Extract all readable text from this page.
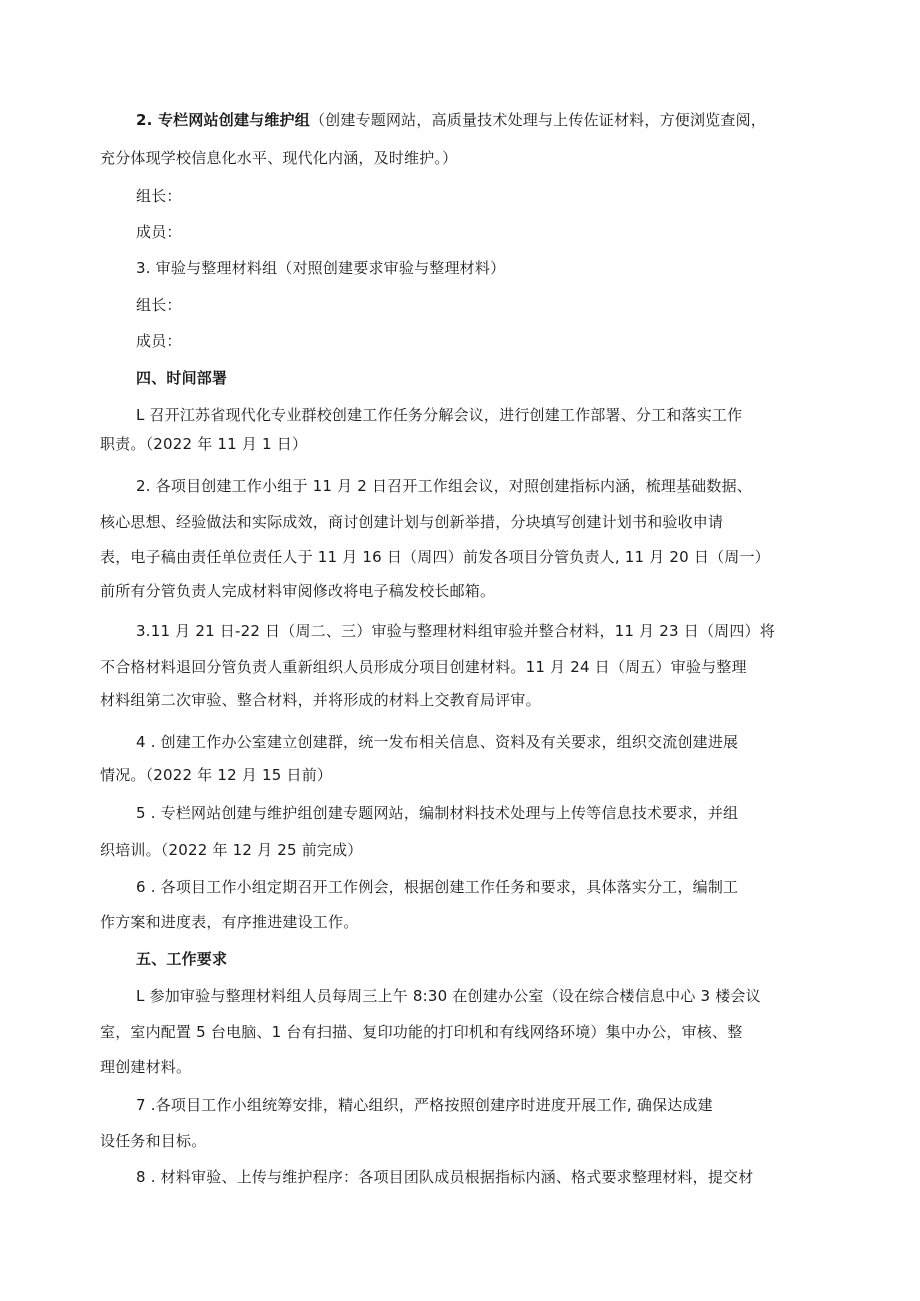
2. 专栏网站创建与维护组（创建专题网站，高质量技术处理与上传佐证材料，方便浏览查阅，
充分体现学校信息化水平、现代化内涵，及时维护。）
组长：
成员：
3. 审验与整理材料组（对照创建要求审验与整理材料）
组长：
成员：
四、时间部署
L 召开江苏省现代化专业群校创建工作任务分解会议，进行创建工作部署、分工和落实工作
职责。（2022 年 11 月 1 日）
2. 各项目创建工作小组于 11 月 2 日召开工作组会议，对照创建指标内涵，梳理基础数据、
核心思想、经验做法和实际成效，商讨创建计划与创新举措，分块填写创建计划书和验收申请
表，电子稿由责任单位责任人于 11 月 16 日（周四）前发各项目分管负责人, 11 月 20 日（周一）
前所有分管负责人完成材料审阅修改将电子稿发校长邮箱。
3.11 月 21 日-22 日（周二、三）审验与整理材料组审验并整合材料，11 月 23 日（周四）将
不合格材料退回分管负责人重新组织人员形成分项目创建材料。11 月 24 日（周五）审验与整理
材料组第二次审验、整合材料，并将形成的材料上交教育局评审。
4 . 创建工作办公室建立创建群，统一发布相关信息、资料及有关要求，组织交流创建进展
情况。（2022 年 12 月 15 日前）
5 . 专栏网站创建与维护组创建专题网站，编制材料技术处理与上传等信息技术要求，并组
织培训。（2022 年 12 月 25 前完成）
6 . 各项目工作小组定期召开工作例会，根据创建工作任务和要求，具体落实分工，编制工
作方案和进度表，有序推进建设工作。
五、工作要求
L 参加审验与整理材料组人员每周三上午 8:30 在创建办公室（设在综合楼信息中心 3 楼会议
室，室内配置 5 台电脑、1 台有扫描、复印功能的打印机和有线网络环境）集中办公，审核、整
理创建材料。
7 .各项目工作小组统筹安排，精心组织，严格按照创建序时进度开展工作, 确保达成建
设任务和目标。
8 . 材料审验、上传与维护程序：各项目团队成员根据指标内涵、格式要求整理材料，提交材
